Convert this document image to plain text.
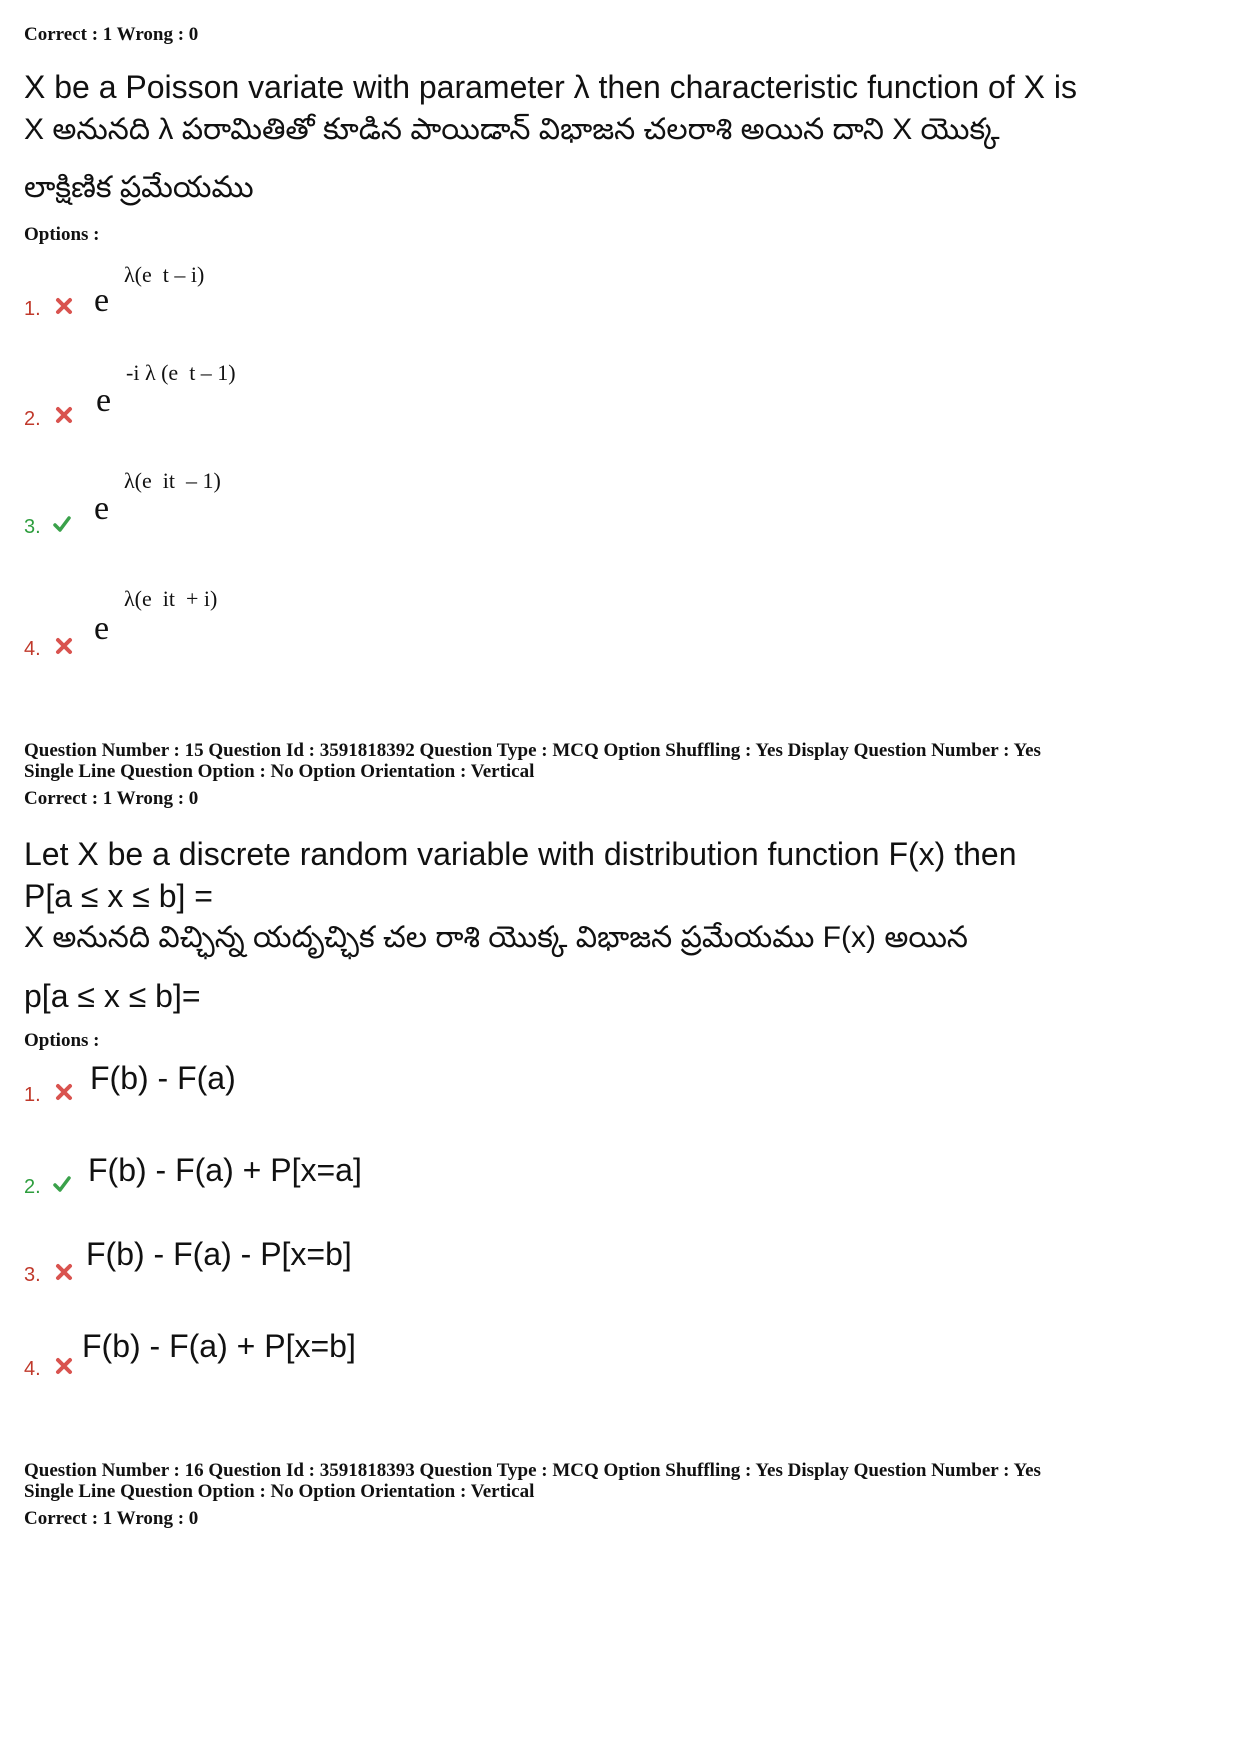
Correct : 1 Wrong : 0
X be a Poisson variate with parameter λ then characteristic function of X is
X అనునది λ పరామితితో కూడిన పాయిడాన్ విభాజన చలరాశి అయిన దాని X యొక్క
లాక్షిణిక ప్రమేయము
Options :
1. e
λ(e  t – i)
2. e
-i λ (e  t – 1)
3. e
λ(e  it  – 1)
4.
e
λ(e  it  + i)
Question Number : 15 Question Id : 3591818392 Question Type : MCQ Option Shuffling : Yes Display Question Number : Yes
Single Line Question Option : No Option Orientation : Vertical
Correct : 1 Wrong : 0
Let X be a discrete random variable with distribution function F(x) then
P[a ≤ x ≤ b] =
X అనునది విచ్ఛిన్న యదృచ్ఛిక చల రాశి యొక్క విభాజన ప్రమేయము F(x) అయిన
p[a ≤ x ≤ b]=
Options :
1. F(b) - F(a)
2. F(b) - F(a) + P[x=a]
3.
F(b) - F(a) - P[x=b]
4.
F(b) - F(a) + P[x=b]
Question Number : 16 Question Id : 3591818393 Question Type : MCQ Option Shuffling : Yes Display Question Number : Yes
Single Line Question Option : No Option Orientation : Vertical
Correct : 1 Wrong : 0
